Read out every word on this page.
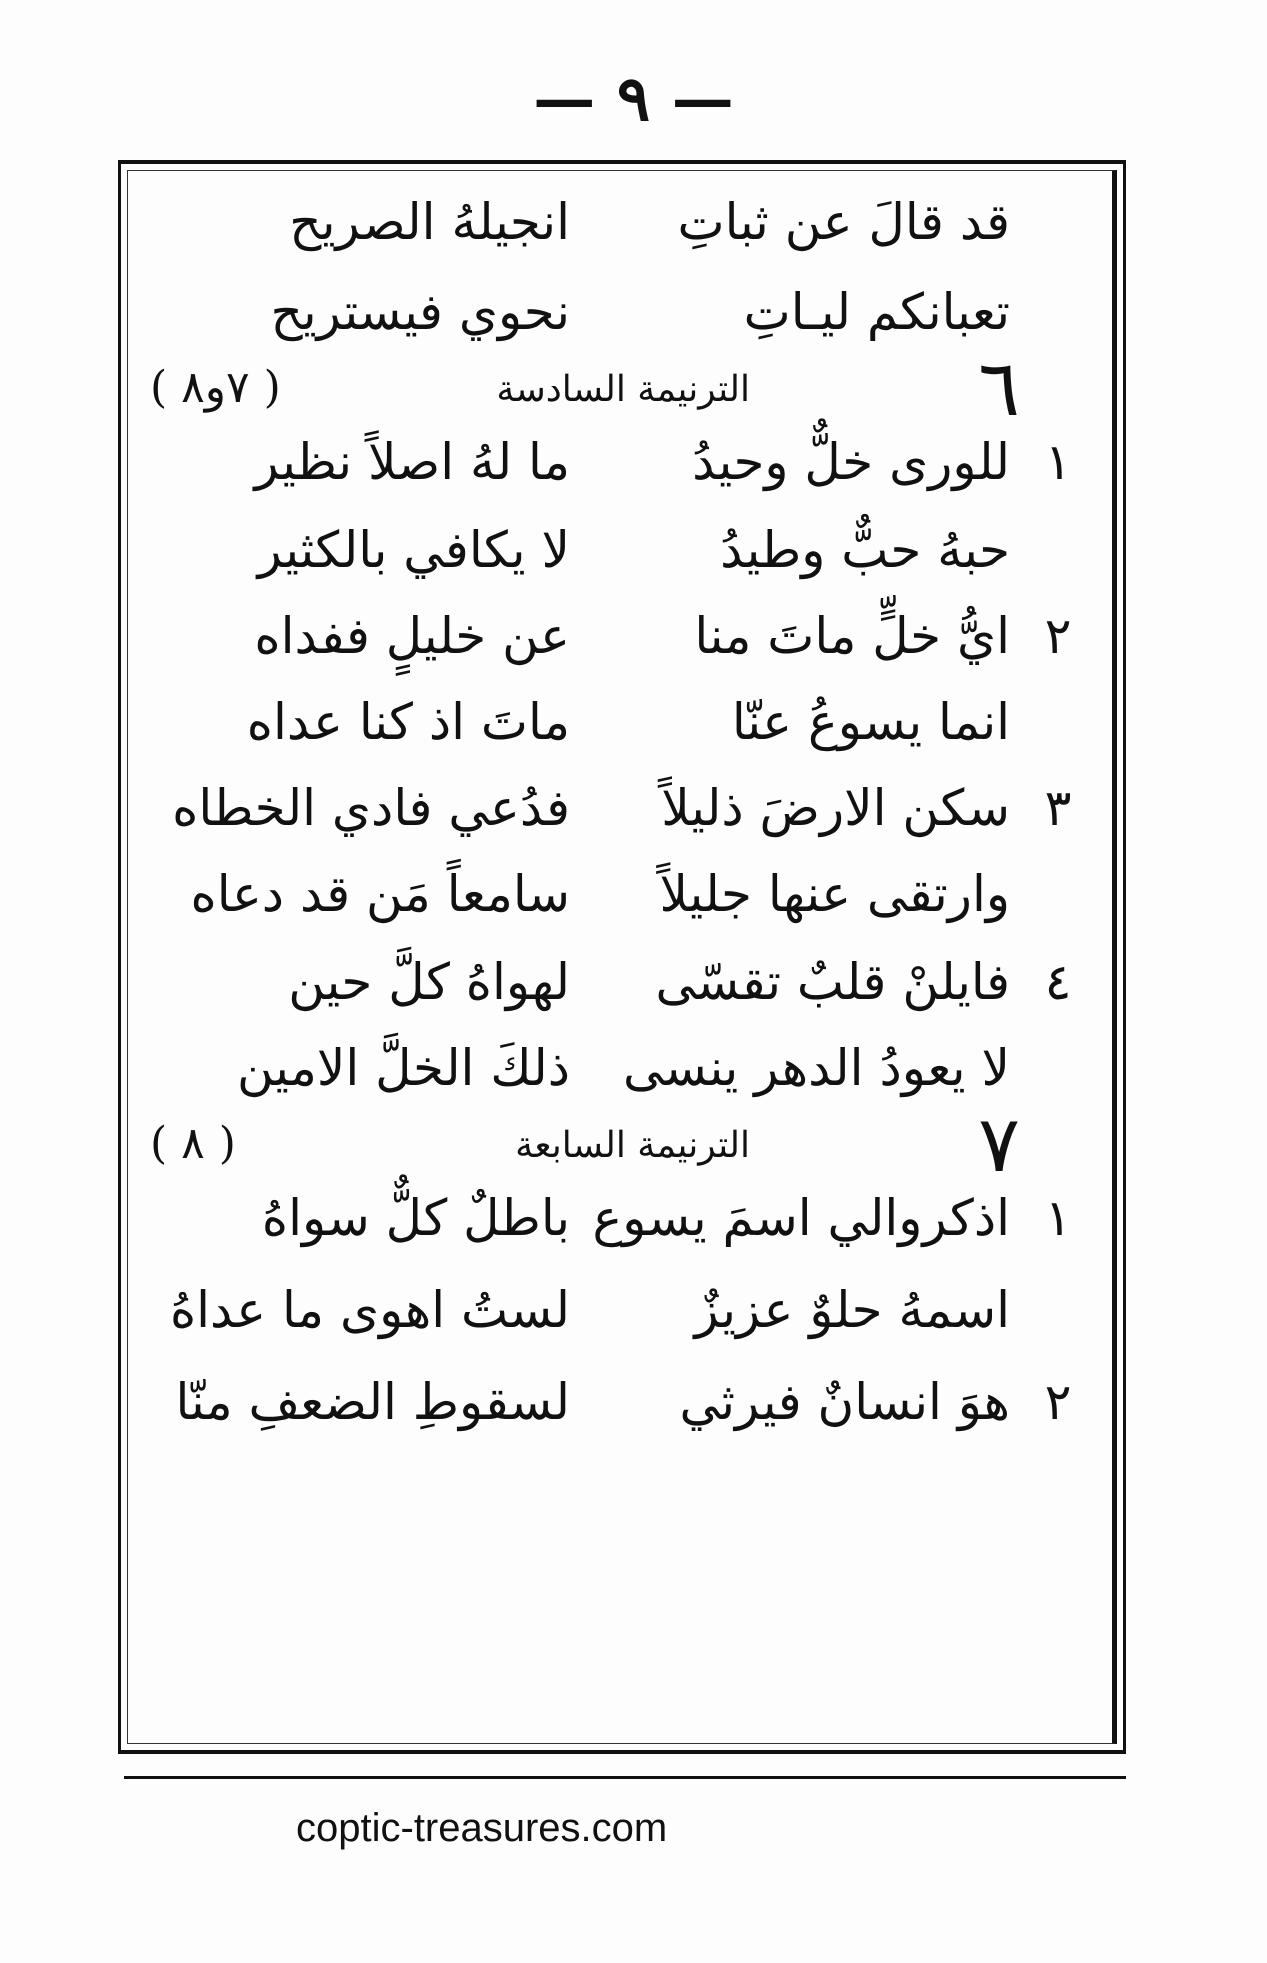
— ٩ —
قد قالَ عن ثباتِ
انجيلهُ الصريح
تعبانكم ليـاتِ
نحوي فيستريح
٦
الترنيمة السادسة
( ٧و٨ )
١
للورى خلٌّ وحيدُ
ما لهُ اصلاً نظير
حبهُ حبٌّ وطيدُ
لا يكافي بالكثير
٢
ايُّ خلٍّ ماتَ منا
عن خليلٍ ففداه
انما يسوعُ عنّا
ماتَ اذ كنا عداه
٣
سكن الارضَ ذليلاً
فدُعي فادي الخطاه
وارتقى عنها جليلاً
سامعاً مَن قد دعاه
٤
فايلنْ قلبٌ تقسّى
لهواهُ كلَّ حين
لا يعودُ الدهر ينسى
ذلكَ الخلَّ الامين
٧
الترنيمة السابعة
( ٨ )
١
اذكروالي اسمَ يسوع
باطلٌ كلٌّ سواهُ
اسمهُ حلوٌ عزيزٌ
لستُ اهوى ما عداهُ
٢
هوَ انسانٌ فيرثي
لسقوطِ الضعفِ منّا
coptic-treasures.com
